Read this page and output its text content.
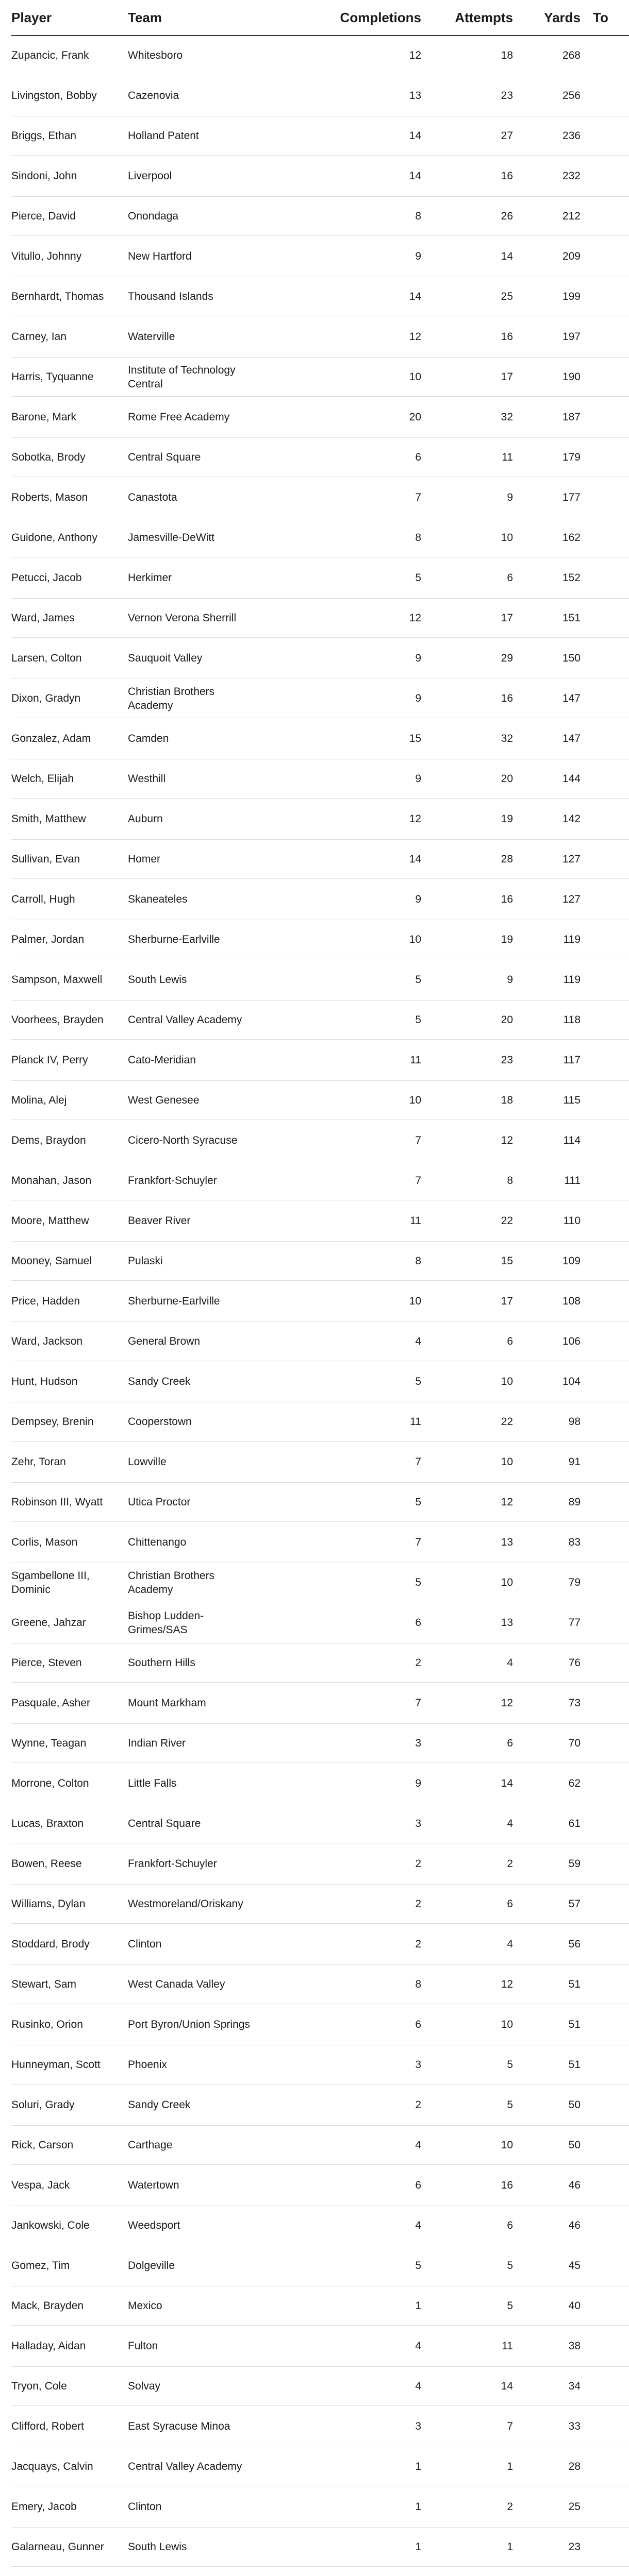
Player	Team	Completions	Attempts	Yards	To
Zupancic, Frank	Whitesboro	12	18	268	
Livingston, Bobby	Cazenovia	13	23	256	
Briggs, Ethan	Holland Patent	14	27	236	
Sindoni, John	Liverpool	14	16	232	
Pierce, David	Onondaga	8	26	212	
Vitullo, Johnny	New Hartford	9	14	209	
Bernhardt, Thomas	Thousand Islands	14	25	199	
Carney, Ian	Waterville	12	16	197	
Harris, Tyquanne	Institute of Technology Central	10	17	190	
Barone, Mark	Rome Free Academy	20	32	187	
Sobotka, Brody	Central Square	6	11	179	
Roberts, Mason	Canastota	7	9	177	
Guidone, Anthony	Jamesville-DeWitt	8	10	162	
Petucci, Jacob	Herkimer	5	6	152	
Ward, James	Vernon Verona Sherrill	12	17	151	
Larsen, Colton	Sauquoit Valley	9	29	150	
Dixon, Gradyn	Christian Brothers Academy	9	16	147	
Gonzalez, Adam	Camden	15	32	147	
Welch, Elijah	Westhill	9	20	144	
Smith, Matthew	Auburn	12	19	142	
Sullivan, Evan	Homer	14	28	127	
Carroll, Hugh	Skaneateles	9	16	127	
Palmer, Jordan	Sherburne-Earlville	10	19	119	
Sampson, Maxwell	South Lewis	5	9	119	
Voorhees, Brayden	Central Valley Academy	5	20	118	
Planck IV, Perry	Cato-Meridian	11	23	117	
Molina, Alej	West Genesee	10	18	115	
Dems, Braydon	Cicero-North Syracuse	7	12	114	
Monahan, Jason	Frankfort-Schuyler	7	8	111	
Moore, Matthew	Beaver River	11	22	110	
Mooney, Samuel	Pulaski	8	15	109	
Price, Hadden	Sherburne-Earlville	10	17	108	
Ward, Jackson	General Brown	4	6	106	
Hunt, Hudson	Sandy Creek	5	10	104	
Dempsey, Brenin	Cooperstown	11	22	98	
Zehr, Toran	Lowville	7	10	91	
Robinson III, Wyatt	Utica Proctor	5	12	89	
Corlis, Mason	Chittenango	7	13	83	
Sgambellone III, Dominic	Christian Brothers Academy	5	10	79	
Greene, Jahzar	Bishop Ludden-Grimes/SAS	6	13	77	
Pierce, Steven	Southern Hills	2	4	76	
Pasquale, Asher	Mount Markham	7	12	73	
Wynne, Teagan	Indian River	3	6	70	
Morrone, Colton	Little Falls	9	14	62	
Lucas, Braxton	Central Square	3	4	61	
Bowen, Reese	Frankfort-Schuyler	2	2	59	
Williams, Dylan	Westmoreland/Oriskany	2	6	57	
Stoddard, Brody	Clinton	2	4	56	
Stewart, Sam	West Canada Valley	8	12	51	
Rusinko, Orion	Port Byron/Union Springs	6	10	51	
Hunneyman, Scott	Phoenix	3	5	51	
Soluri, Grady	Sandy Creek	2	5	50	
Rick, Carson	Carthage	4	10	50	
Vespa, Jack	Watertown	6	16	46	
Jankowski, Cole	Weedsport	4	6	46	
Gomez, Tim	Dolgeville	5	5	45	
Mack, Brayden	Mexico	1	5	40	
Halladay, Aidan	Fulton	4	11	38	
Tryon, Cole	Solvay	4	14	34	
Clifford, Robert	East Syracuse Minoa	3	7	33	
Jacquays, Calvin	Central Valley Academy	1	1	28	
Emery, Jacob	Clinton	1	2	25	
Galarneau, Gunner	South Lewis	1	1	23	
